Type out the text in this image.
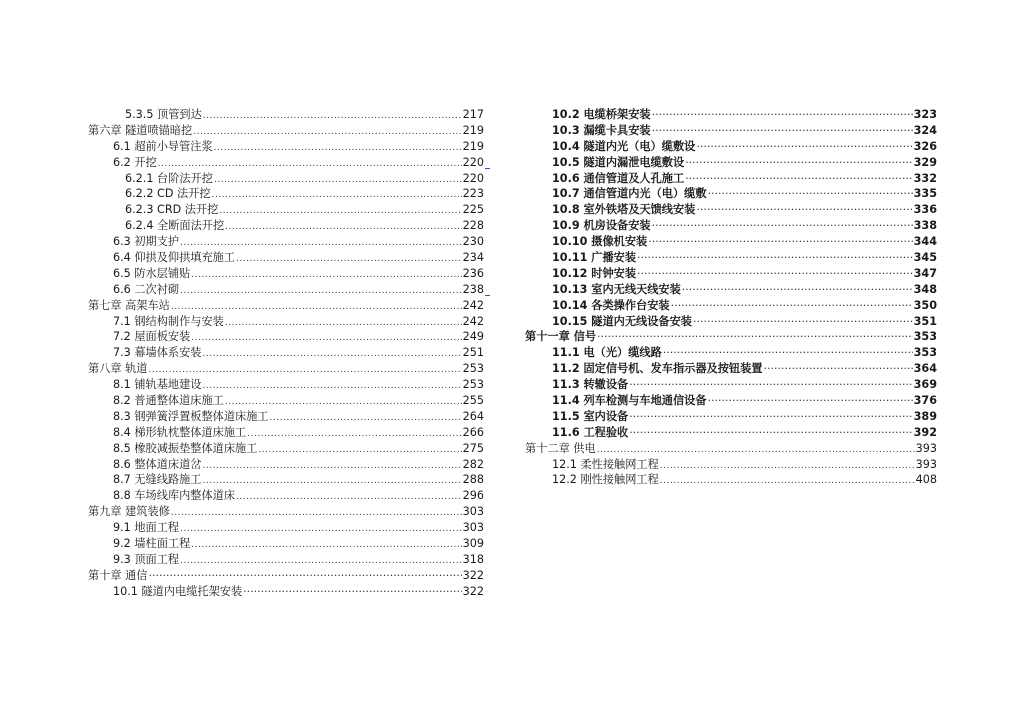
5.3.5 顶管到达 .....	217
第六章 隧道喷锚暗挖 .....	219
6.1 超前小导管注浆 .....	219
6.2 开挖 .....	220
6.2.1 台阶法开挖 .....	220
6.2.2 CD 法开挖 .....	223
6.2.3 CRD 法开挖 .....	225
6.2.4 全断面法开挖 .....	228
6.3 初期支护 .....	230
6.4 仰拱及仰拱填充施工 .....	234
6.5 防水层铺贴 .....	236
6.6 二次衬砌 .....	238
第七章 高架车站 .....	242
7.1 钢结构制作与安装 .....	242
7.2 屋面板安装 .....	249
7.3 幕墙体系安装 .....	251
第八章 轨道 .....	253
8.1 铺轨基地建设 .....	253
8.2 普通整体道床施工 .....	255
8.3 钢弹簧浮置板整体道床施工 .....	264
8.4 梯形轨枕整体道床施工 .....	266
8.5 橡胶减振垫整体道床施工 .....	275
8.6 整体道床道岔 .....	282
8.7 无缝线路施工 .....	288
8.8 车场线库内整体道床 .....	296
第九章 建筑装修 .....	303
9.1 地面工程 .....	303
9.2 墙柱面工程 .....	309
9.3 顶面工程 .....	318
第十章 通信 ·····	322
10.1 隧道内电缆托架安装 ·····	322
10.2 电缆桥架安装 ·····	323
10.3 漏缆卡具安装 ·····	324
10.4 隧道内光（电）缆敷设 ·····	326
10.5 隧道内漏泄电缆敷设 ·····	329
10.6 通信管道及人孔施工 ·····	332
10.7 通信管道内光（电）缆敷 ·····	335
10.8 室外铁塔及天馈线安装 ·····	336
10.9 机房设备安装 ·····	338
10.10 摄像机安装 ·····	344
10.11 广播安装 ·····	345
10.12 时钟安装 ·····	347
10.13 室内无线天线安装 ·····	348
10.14 各类操作台安装 ·····	350
10.15 隧道内无线设备安装 ·····	351
第十一章 信号 ·····	353
11.1 电（光）缆线路 ·····	353
11.2 固定信号机、发车指示器及按钮装置 ·····	364
11.3 转辙设备 ·····	369
11.4 列车检测与车地通信设备 ·····	376
11.5 室内设备 ·····	389
11.6 工程验收 ·····	392
第十二章 供电 .....	393
12.1 柔性接触网工程 .....	393
12.2 刚性接触网工程 .....	408
